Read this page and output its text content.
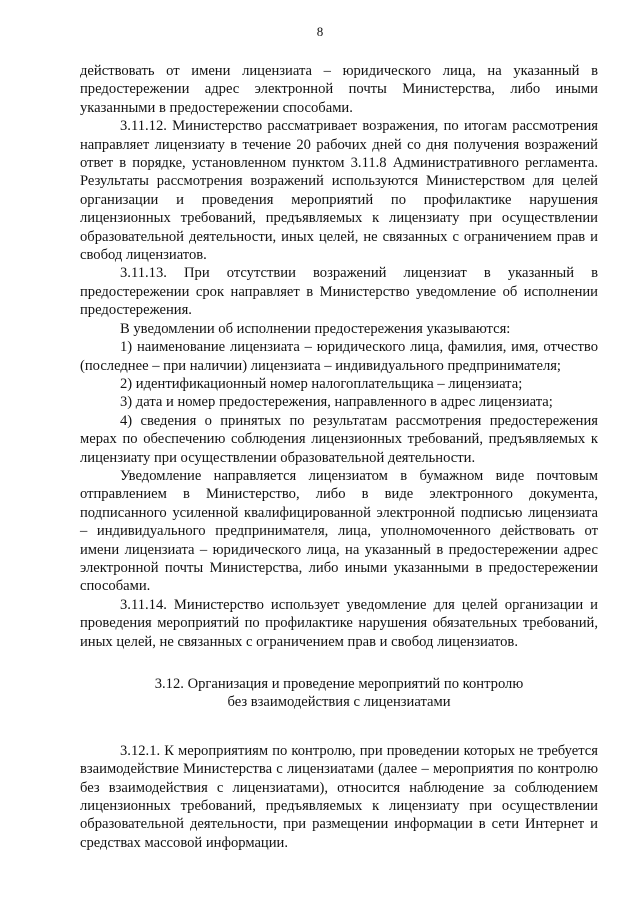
8

действовать от имени лицензиата – юридического лица, на указанный в предостережении адрес электронной почты Министерства, либо иными указанными в предостережении способами.

3.11.12. Министерство рассматривает возражения, по итогам рассмотрения направляет лицензиату в течение 20 рабочих дней со дня получения возражений ответ в порядке, установленном пунктом 3.11.8 Административного регламента. Результаты рассмотрения возражений используются Министерством для целей организации и проведения мероприятий по профилактике нарушения лицензионных требований, предъявляемых к лицензиату при осуществлении образовательной деятельности, иных целей, не связанных с ограничением прав и свобод лицензиатов.

3.11.13. При отсутствии возражений лицензиат в указанный в предостережении срок направляет в Министерство уведомление об исполнении предостережения.

В уведомлении об исполнении предостережения указываются:

1) наименование лицензиата – юридического лица, фамилия, имя, отчество (последнее – при наличии) лицензиата – индивидуального предпринимателя;

2) идентификационный номер налогоплательщика – лицензиата;

3) дата и номер предостережения, направленного в адрес лицензиата;

4) сведения о принятых по результатам рассмотрения предостережения мерах по обеспечению соблюдения лицензионных требований, предъявляемых к лицензиату при осуществлении образовательной деятельности.

Уведомление направляется лицензиатом в бумажном виде почтовым отправлением в Министерство, либо в виде электронного документа, подписанного усиленной квалифицированной электронной подписью лицензиата – индивидуального предпринимателя, лица, уполномоченного действовать от имени лицензиата – юридического лица, на указанный в предостережении адрес электронной почты Министерства, либо иными указанными в предостережении способами.

3.11.14. Министерство использует уведомление для целей организации и проведения мероприятий по профилактике нарушения обязательных требований, иных целей, не связанных с ограничением прав и свобод лицензиатов.

3.12. Организация и проведение мероприятий по контролю
без взаимодействия с лицензиатами

3.12.1. К мероприятиям по контролю, при проведении которых не требуется взаимодействие Министерства с лицензиатами (далее – мероприятия по контролю без взаимодействия с лицензиатами), относится наблюдение за соблюдением лицензионных требований, предъявляемых к лицензиату при осуществлении образовательной деятельности, при размещении информации в сети Интернет и средствах массовой информации.
